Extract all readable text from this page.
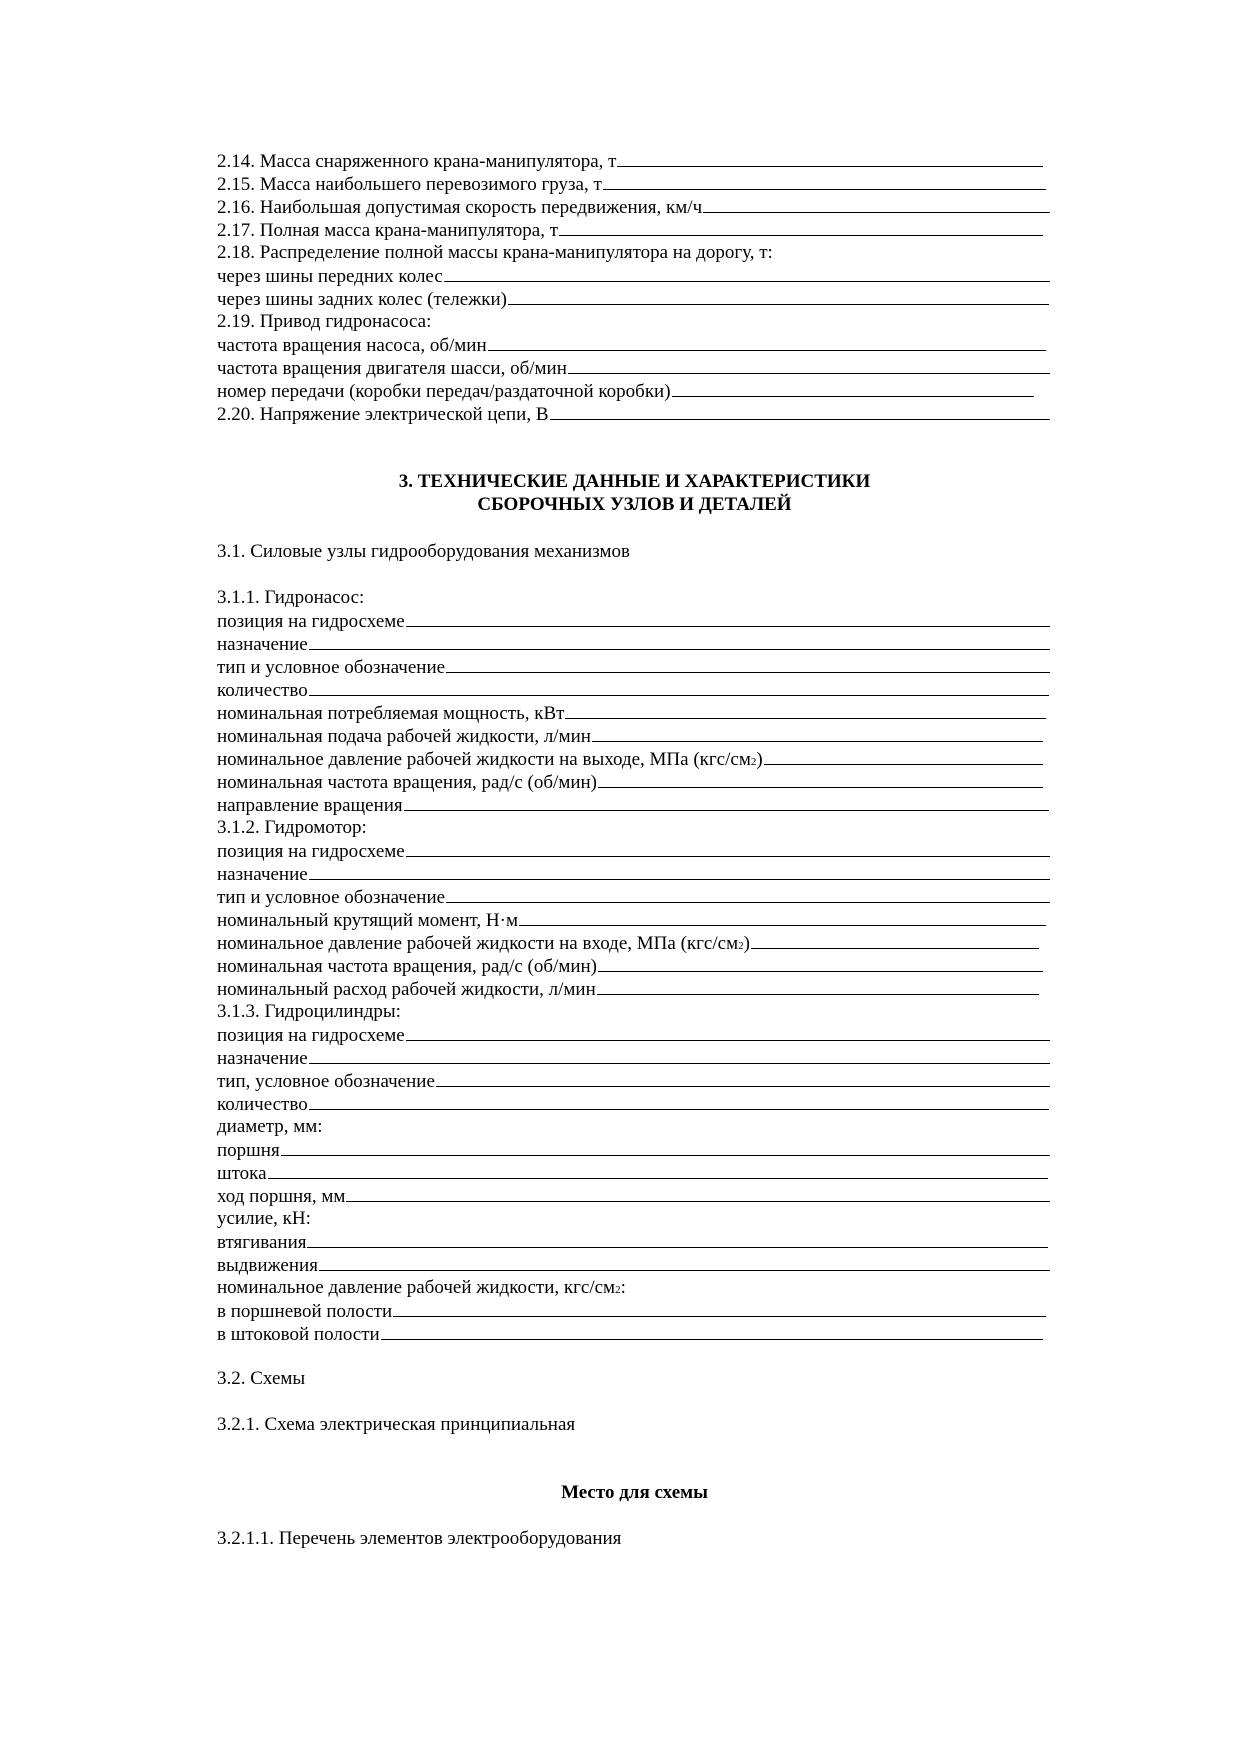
2.14. Масса снаряженного крана-манипулятора, т
2.15. Масса наибольшего перевозимого груза, т
2.16. Наибольшая допустимая скорость передвижения, км/ч
2.17. Полная масса крана-манипулятора, т
2.18. Распределение полной массы крана-манипулятора на дорогу, т:
через шины передних колес
через шины задних колес (тележки)
2.19. Привод гидронасоса:
частота вращения насоса, об/мин
частота вращения двигателя шасси, об/мин
номер передачи (коробки передач/раздаточной коробки)
2.20. Напряжение электрической цепи, В
3. ТЕХНИЧЕСКИЕ ДАННЫЕ И ХАРАКТЕРИСТИКИ
СБОРОЧНЫХ УЗЛОВ И ДЕТАЛЕЙ
3.1. Силовые узлы гидрооборудования механизмов
3.1.1. Гидронасос:
позиция на гидросхеме
назначение
тип и условное обозначение
количество
номинальная потребляемая мощность, кВт
номинальная подача рабочей жидкости, л/мин
номинальное давление рабочей жидкости на выходе, МПа (кгс/см 2 )
номинальная частота вращения, рад/с (об/мин)
направление вращения
3.1.2. Гидромотор:
позиция на гидросхеме
назначение
тип и условное обозначение
номинальный крутящий момент, Н·м
номинальное давление рабочей жидкости на входе, МПа (кгс/см 2 )
номинальная частота вращения, рад/с (об/мин)
номинальный расход рабочей жидкости, л/мин
3.1.3. Гидроцилиндры:
позиция на гидросхеме
назначение
тип, условное обозначение
количество
диаметр, мм:
поршня
штока
ход поршня, мм
усилие, кН:
втягивания
выдвижения
номинальное давление рабочей жидкости, кгс/см 2 :
в поршневой полости
в штоковой полости
3.2. Схемы
3.2.1. Схема электрическая принципиальная
Место для схемы
3.2.1.1. Перечень элементов электрооборудования
